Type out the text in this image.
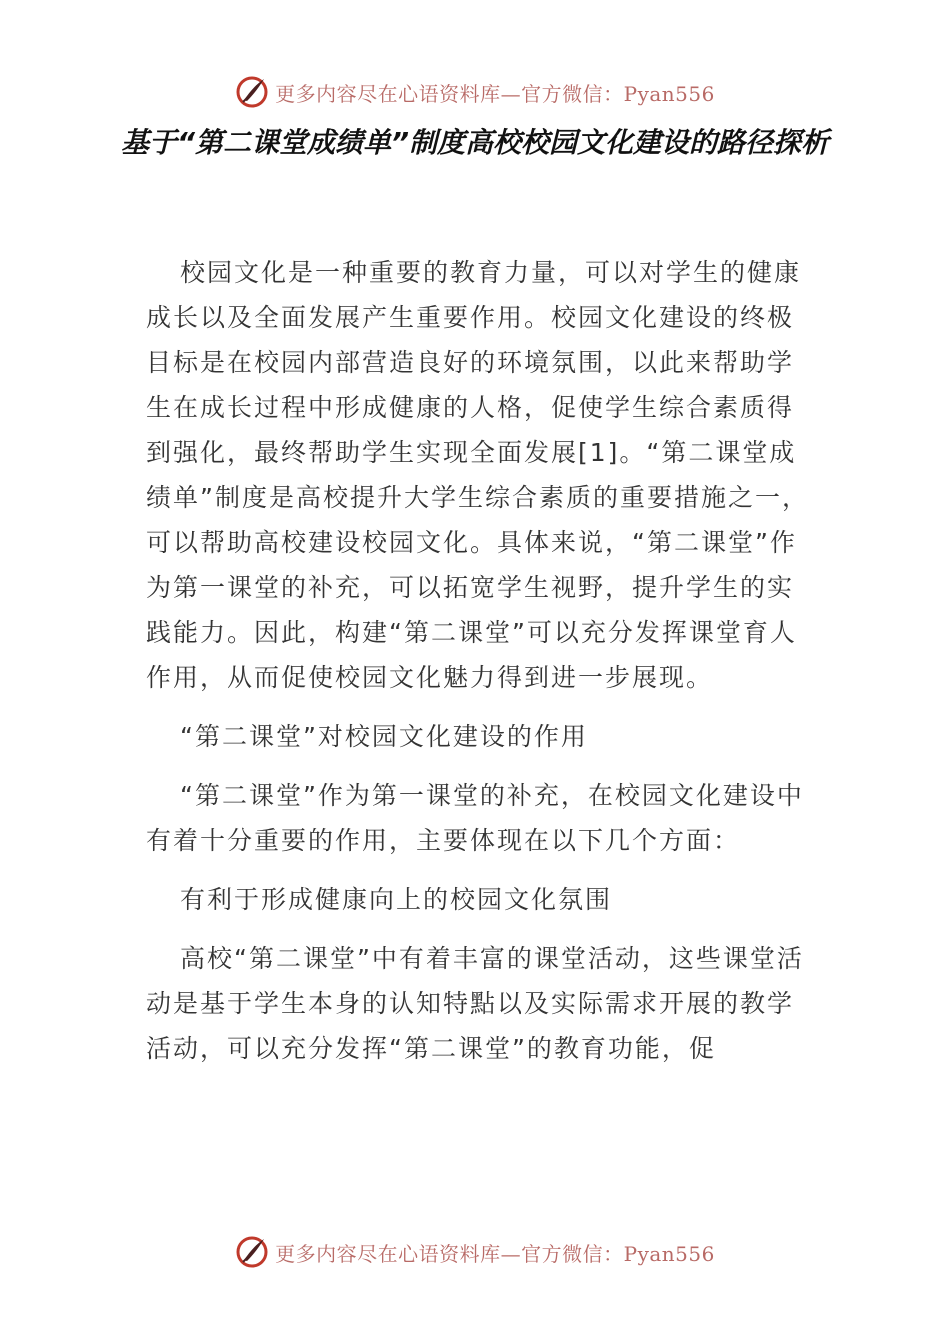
更多内容尽在心语资料库—官方微信：Pyan556
基于“第二课堂成绩单”制度高校校园文化建设的路径探析

校园文化是一种重要的教育力量，可以对学生的健康成长以及全面发展产生重要作用。校园文化建设的终极目标是在校园内部营造良好的环境氛围，以此来帮助学生在成长过程中形成健康的人格，促使学生综合素质得到强化，最终帮助学生实现全面发展[1]。“第二课堂成绩单”制度是高校提升大学生综合素质的重要措施之一，可以帮助高校建设校园文化。具体来说，“第二课堂”作为第一课堂的补充，可以拓宽学生视野，提升学生的实践能力。因此，构建“第二课堂”可以充分发挥课堂育人作用，从而促使校园文化魅力得到进一步展现。

“第二课堂”对校园文化建设的作用

“第二课堂”作为第一课堂的补充，在校园文化建设中有着十分重要的作用，主要体现在以下几个方面：

有利于形成健康向上的校园文化氛围

高校“第二课堂”中有着丰富的课堂活动，这些课堂活动是基于学生本身的认知特點以及实际需求开展的教学活动，可以充分发挥“第二课堂”的教育功能，促

更多内容尽在心语资料库—官方微信：Pyan556
